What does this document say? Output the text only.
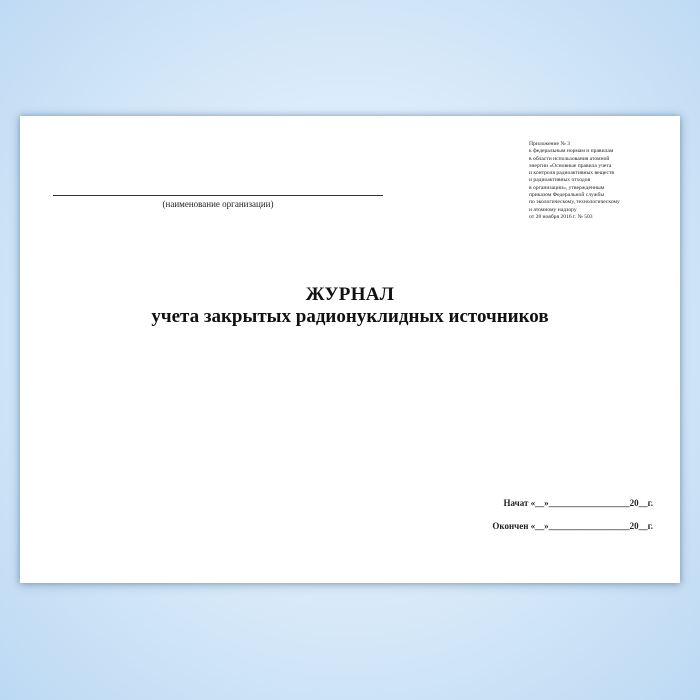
(наименование организации)
Приложение № 3
к федеральным нормам и правилам
в области использования атомной
энергии «Основные правила учета
и контроля радиоактивных веществ
и радиоактивных отходов
в организации», утвержденным
приказом Федеральной службы
по экологическому, технологическому
и атомному надзору
от 28 ноября 2016 г. № 503
ЖУРНАЛ
учета закрытых радионуклидных источников
Начат «__»__________________20__г.
Окончен «__»__________________20__г.
